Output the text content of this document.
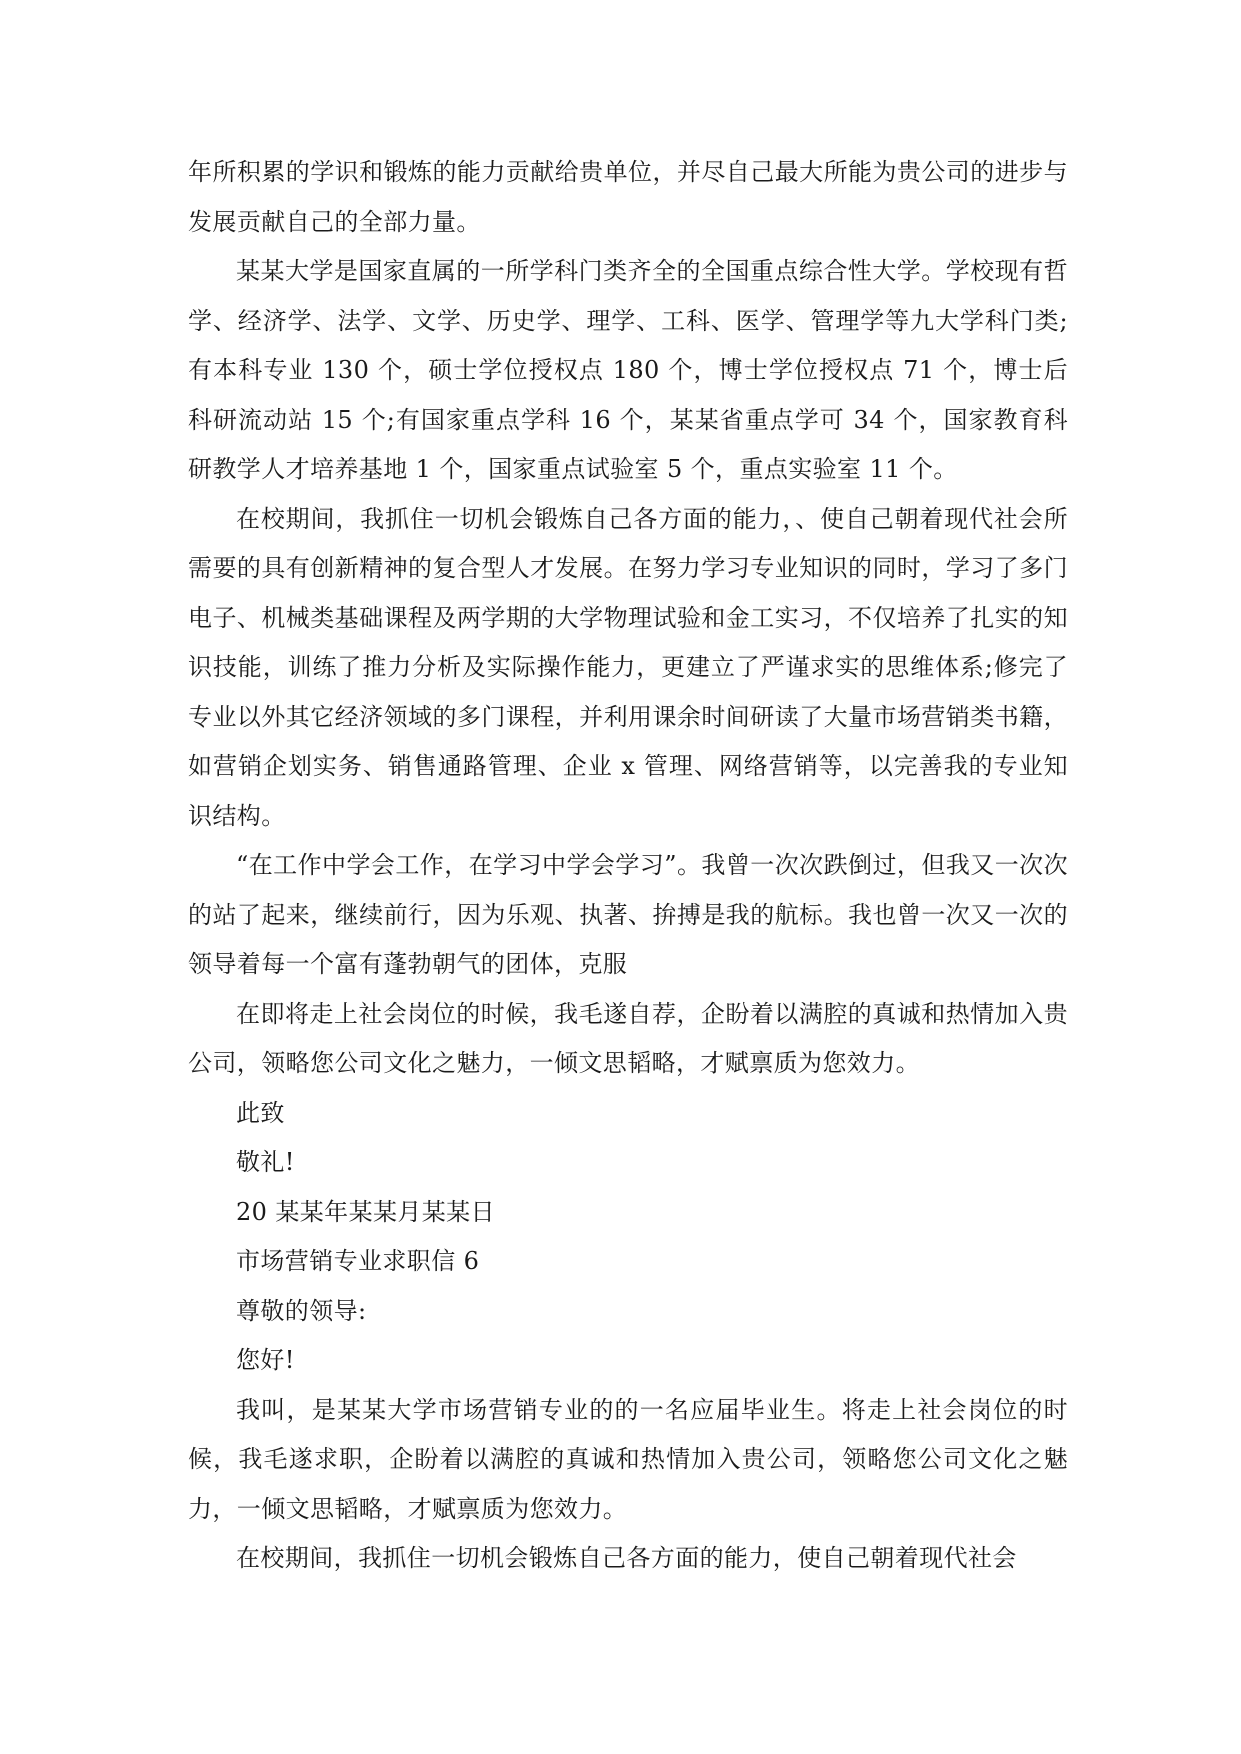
年所积累的学识和锻炼的能力贡献给贵单位，并尽自己最大所能为贵公司的进步与发展贡献自己的全部力量。

某某大学是国家直属的一所学科门类齐全的全国重点综合性大学。学校现有哲学、经济学、法学、文学、历史学、理学、工科、医学、管理学等九大学科门类;有本科专业 130 个，硕士学位授权点 180 个，博士学位授权点 71 个，博士后科研流动站 15 个;有国家重点学科 16 个，某某省重点学可 34 个，国家教育科研教学人才培养基地 1 个，国家重点试验室 5 个，重点实验室 11 个。

在校期间，我抓住一切机会锻炼自己各方面的能力，、使自己朝着现代社会所需要的具有创新精神的复合型人才发展。在努力学习专业知识的同时，学习了多门电子、机械类基础课程及两学期的大学物理试验和金工实习，不仅培养了扎实的知识技能，训练了推力分析及实际操作能力，更建立了严谨求实的思维体系;修完了专业以外其它经济领域的多门课程，并利用课余时间研读了大量市场营销类书籍，如营销企划实务、销售通路管理、企业 x 管理、网络营销等，以完善我的专业知识结构。

“在工作中学会工作，在学习中学会学习”。我曾一次次跌倒过，但我又一次次的站了起来，继续前行，因为乐观、执著、拚搏是我的航标。我也曾一次又一次的领导着每一个富有蓬勃朝气的团体，克服

在即将走上社会岗位的时候，我毛遂自荐，企盼着以满腔的真诚和热情加入贵公司，领略您公司文化之魅力，一倾文思韬略，才赋禀质为您效力。

此致

敬礼!

20 某某年某某月某某日

市场营销专业求职信 6

尊敬的领导:

您好!

我叫，是某某大学市场营销专业的的一名应届毕业生。将走上社会岗位的时候，我毛遂求职，企盼着以满腔的真诚和热情加入贵公司，领略您公司文化之魅力，一倾文思韬略，才赋禀质为您效力。

在校期间，我抓住一切机会锻炼自己各方面的能力，使自己朝着现代社会
